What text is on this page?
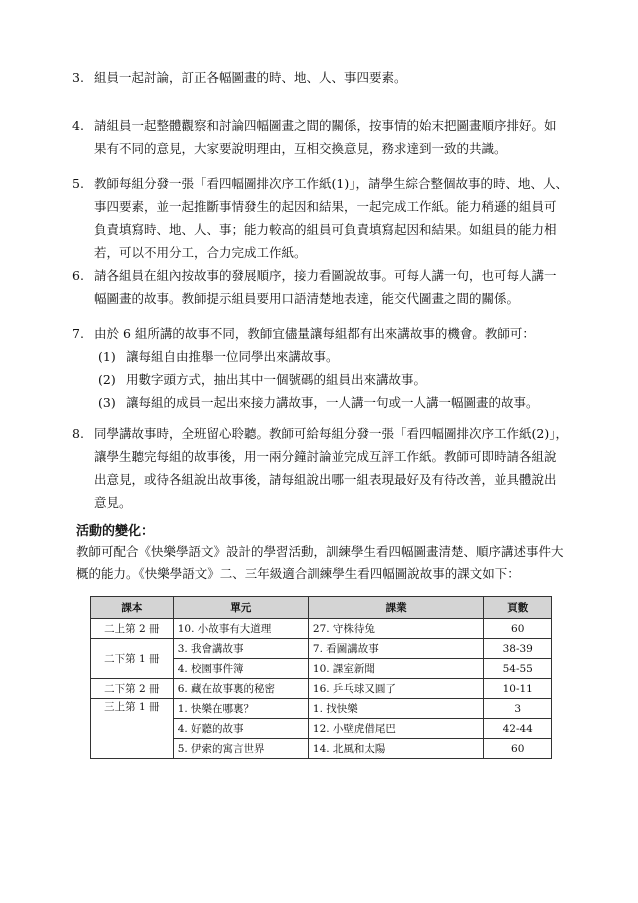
3. 組員一起討論，訂正各幅圖畫的時、地、人、事四要素。
4. 請組員一起整體觀察和討論四幅圖畫之間的關係，按事情的始末把圖畫順序排好。如果有不同的意見，大家要說明理由，互相交換意見，務求達到一致的共識。
5. 教師每組分發一張「看四幅圖排次序工作紙(1)」，請學生綜合整個故事的時、地、人、事四要素，並一起推斷事情發生的起因和結果，一起完成工作紙。能力稍遜的組員可負責填寫時、地、人、事；能力較高的組員可負責填寫起因和結果。如組員的能力相若，可以不用分工，合力完成工作紙。
6. 請各組員在組內按故事的發展順序，接力看圖說故事。可每人講一句，也可每人講一幅圖畫的故事。教師提示組員要用口語清楚地表達，能交代圖畫之間的關係。
7. 由於 6 組所講的故事不同，教師宜儘量讓每組都有出來講故事的機會。教師可：
(1) 讓每組自由推舉一位同學出來講故事。
(2) 用數字頭方式，抽出其中一個號碼的組員出來講故事。
(3) 讓每組的成員一起出來接力講故事，一人講一句或一人講一幅圖畫的故事。
8. 同學講故事時，全班留心聆聽。教師可給每組分發一張「看四幅圖排次序工作紙(2)」，讓學生聽完每組的故事後，用一兩分鐘討論並完成互評工作紙。教師可即時請各組說出意見，或待各組說出故事後，請每組說出哪一組表現最好及有待改善，並具體說出意見。
活動的變化：
教師可配合《快樂學語文》設計的學習活動，訓練學生看四幅圖畫清楚、順序講述事件大概的能力。《快樂學語文》二、三年級適合訓練學生看四幅圖說故事的課文如下：
課本	單元	課業	頁數
二上第 2 冊	10. 小故事有大道理	27. 守株待兔	60
二下第 1 冊	3. 我會講故事	7. 看圖講故事	38-39
	4. 校園事件簿	10. 課室新聞	54-55
二下第 2 冊	6. 藏在故事裏的秘密	16. 乒乓球又圓了	10-11
三上第 1 冊	1. 快樂在哪裏？	1. 找快樂	3
	4. 好聽的故事	12. 小壁虎借尾巴	42-44
	5. 伊索的寓言世界	14. 北風和太陽	60
